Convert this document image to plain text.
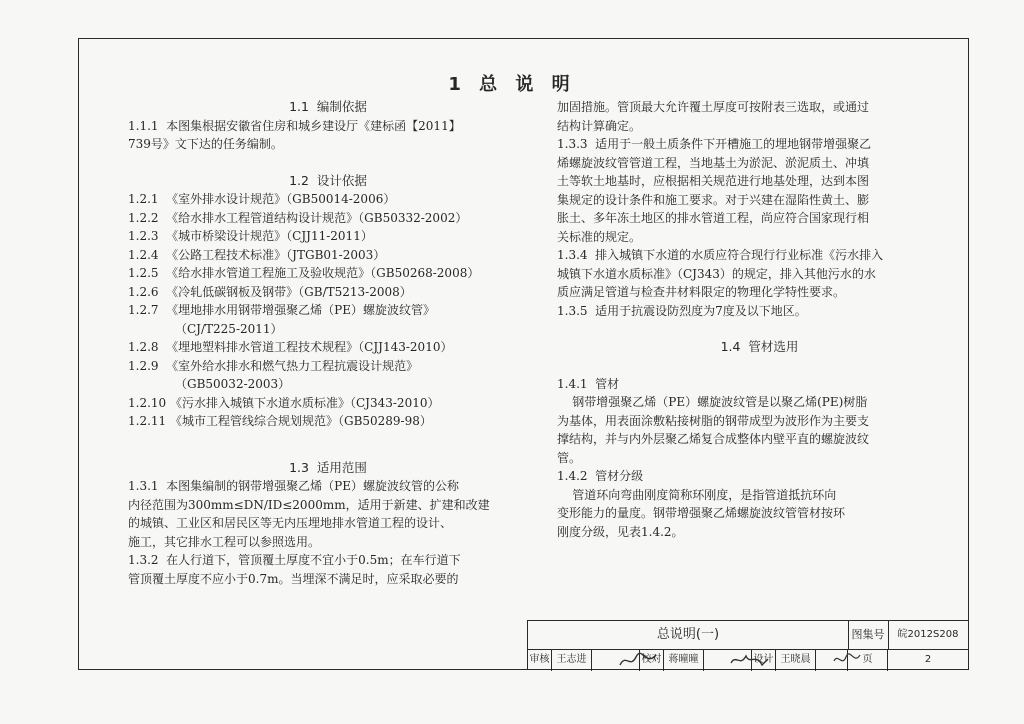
1 总 说 明
1.1  编制依据
1.1.1  本图集根据安徽省住房和城乡建设厅《建标函【2011】
739号》文下达的任务编制。
1.2  设计依据
1.2.1  《室外排水设计规范》（GB50014-2006）
1.2.2  《给水排水工程管道结构设计规范》（GB50332-2002）
1.2.3  《城市桥梁设计规范》（CJJ11-2011）
1.2.4  《公路工程技术标准》（JTGB01-2003）
1.2.5  《给水排水管道工程施工及验收规范》（GB50268-2008）
1.2.6  《冷轧低碳钢板及钢带》（GB/T5213-2008）
1.2.7  《埋地排水用钢带增强聚乙烯（PE）螺旋波纹管》
（CJ/T225-2011）
1.2.8  《埋地塑料排水管道工程技术规程》（CJJ143-2010）
1.2.9  《室外给水排水和燃气热力工程抗震设计规范》
（GB50032-2003）
1.2.10 《污水排入城镇下水道水质标准》（CJ343-2010）
1.2.11 《城市工程管线综合规划规范》（GB50289-98）
1.3  适用范围
1.3.1  本图集编制的钢带增强聚乙烯（PE）螺旋波纹管的公称
内径范围为300mm≤DN/ID≤2000mm，适用于新建、扩建和改建
的城镇、工业区和居民区等无内压埋地排水管道工程的设计、
施工，其它排水工程可以参照选用。
1.3.2  在人行道下，管顶覆土厚度不宜小于0.5m；在车行道下
管顶覆土厚度不应小于0.7m。当埋深不满足时，应采取必要的
加固措施。管顶最大允许覆土厚度可按附表三选取，或通过
结构计算确定。
1.3.3  适用于一般土质条件下开槽施工的埋地钢带增强聚乙
烯螺旋波纹管管道工程，当地基土为淤泥、淤泥质土、冲填
土等软土地基时，应根据相关规范进行地基处理，达到本图
集规定的设计条件和施工要求。对于兴建在湿陷性黄土、膨
胀土、多年冻土地区的排水管道工程，尚应符合国家现行相
关标准的规定。
1.3.4  排入城镇下水道的水质应符合现行行业标准《污水排入
城镇下水道水质标准》（CJ343）的规定，排入其他污水的水
质应满足管道与检查井材料限定的物理化学特性要求。
1.3.5  适用于抗震设防烈度为7度及以下地区。
1.4  管材选用
1.4.1  管材
钢带增强聚乙烯（PE）螺旋波纹管是以聚乙烯(PE)树脂
为基体，用表面涂敷粘接树脂的钢带成型为波形作为主要支
撑结构，并与内外层聚乙烯复合成整体内壁平直的螺旋波纹
管。
1.4.2  管材分级
管道环向弯曲刚度简称环刚度，是指管道抵抗环向
变形能力的量度。钢带增强聚乙烯螺旋波纹管管材按环
刚度分级，见表1.4.2。
总说明(一)	图集号	皖2012S208
审核 王志进	校对 蒋曈曈	设计 王晓晨	页	2
